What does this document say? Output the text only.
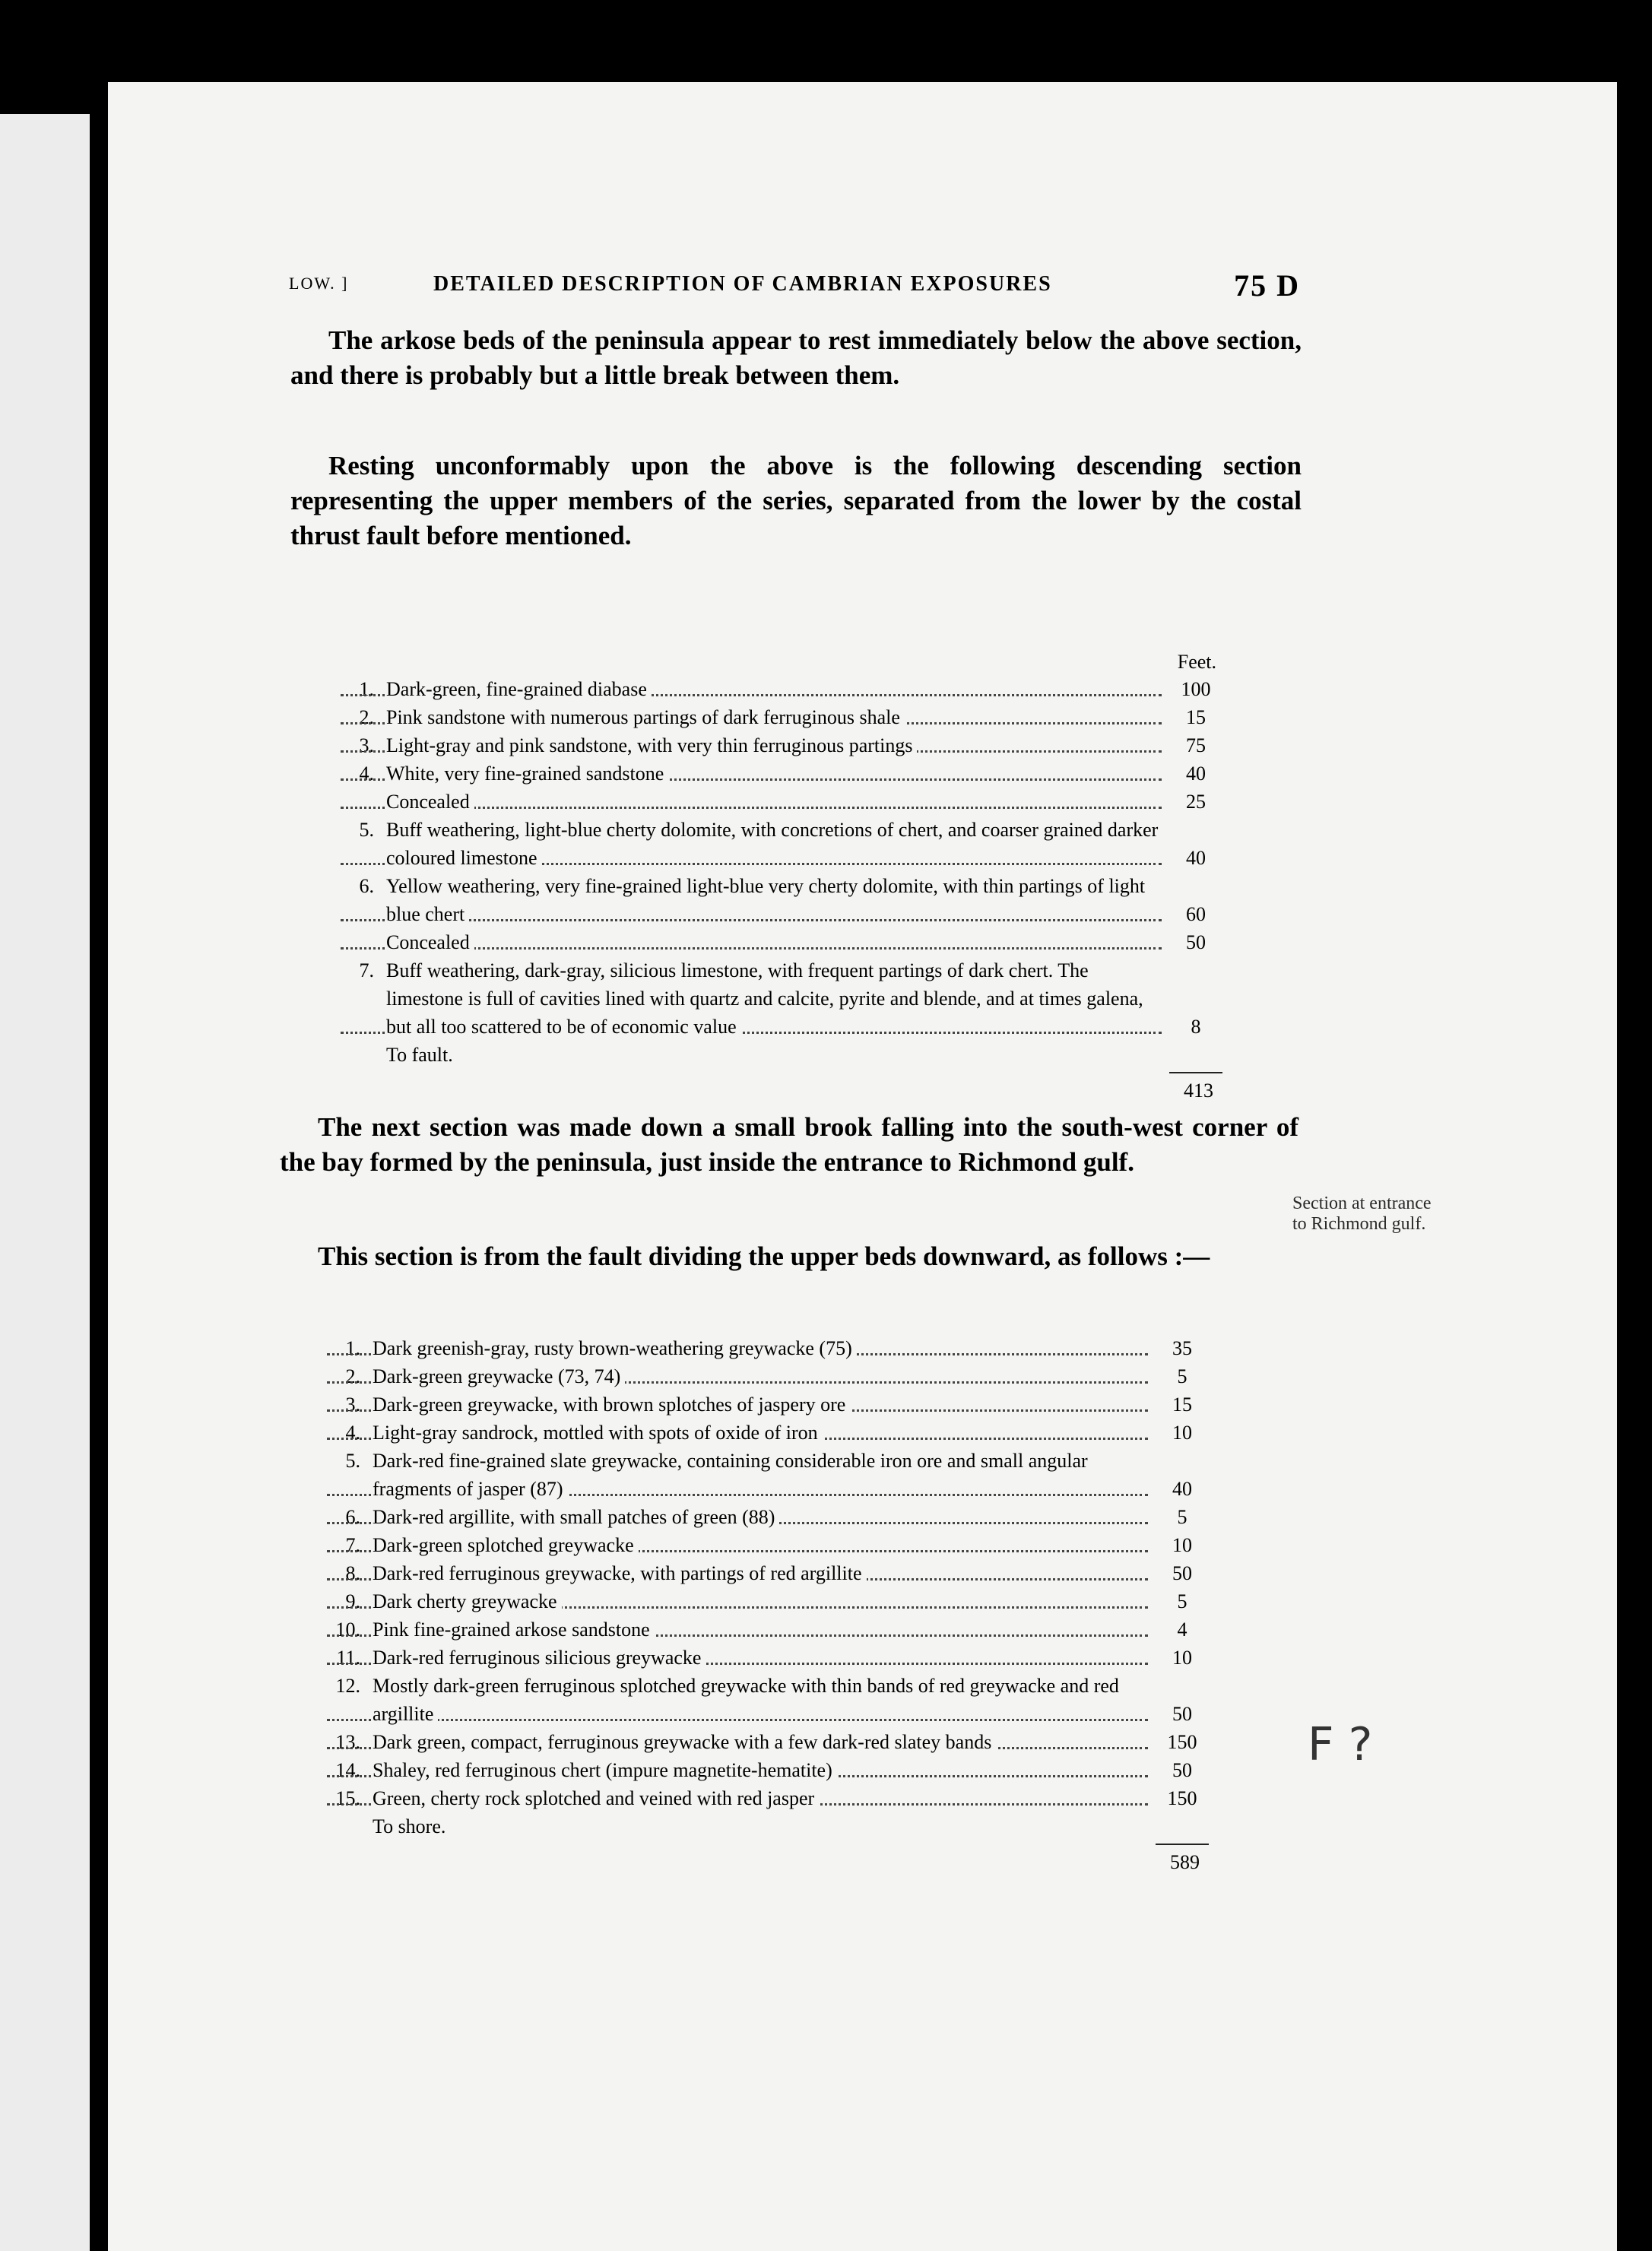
LOW. ]	DETAILED DESCRIPTION OF CAMBRIAN EXPOSURES	75 D

The arkose beds of the peninsula appear to rest immediately below the above section, and there is probably but a little break between them.

Resting unconformably upon the above is the following descending section representing the upper members of the series, separated from the lower by the costal thrust fault before mentioned.

Feet.
1. Dark-green, fine-grained diabase	100
2. Pink sandstone with numerous partings of dark ferruginous shale	15
3. Light-gray and pink sandstone, with very thin ferruginous partings	75
4. White, very fine-grained sandstone	40
Concealed	25
5. Buff weathering, light-blue cherty dolomite, with concretions of chert, and coarser grained darker coloured limestone	40
6. Yellow weathering, very fine-grained light-blue very cherty dolomite, with thin partings of light blue chert	60
Concealed	50
7. Buff weathering, dark-gray, silicious limestone, with frequent partings of dark chert. The limestone is full of cavities lined with quartz and calcite, pyrite and blende, and at times galena, but all too scattered to be of economic value	8
To fault.
413

The next section was made down a small brook falling into the south-west corner of the bay formed by the peninsula, just inside the entrance to Richmond gulf.

Section at entrance to Richmond gulf.

This section is from the fault dividing the upper beds downward, as follows :—

1. Dark greenish-gray, rusty brown-weathering greywacke (75)	35
2. Dark-green greywacke (73, 74)	5
3. Dark-green greywacke, with brown splotches of jaspery ore	15
4. Light-gray sandrock, mottled with spots of oxide of iron	10
5. Dark-red fine-grained slate greywacke, containing considerable iron ore and small angular fragments of jasper (87)	40
6. Dark-red argillite, with small patches of green (88)	5
7. Dark-green splotched greywacke	10
8. Dark-red ferruginous greywacke, with partings of red argillite	50
9. Dark cherty greywacke	5
10. Pink fine-grained arkose sandstone	4
11. Dark-red ferruginous silicious greywacke	10
12. Mostly dark-green ferruginous splotched greywacke with thin bands of red greywacke and red argillite	50
13. Dark green, compact, ferruginous greywacke with a few dark-red slatey bands	150
14. Shaley, red ferruginous chert (impure magnetite-hematite)	50
15. Green, cherty rock splotched and veined with red jasper	150
To shore.
589
F ?
